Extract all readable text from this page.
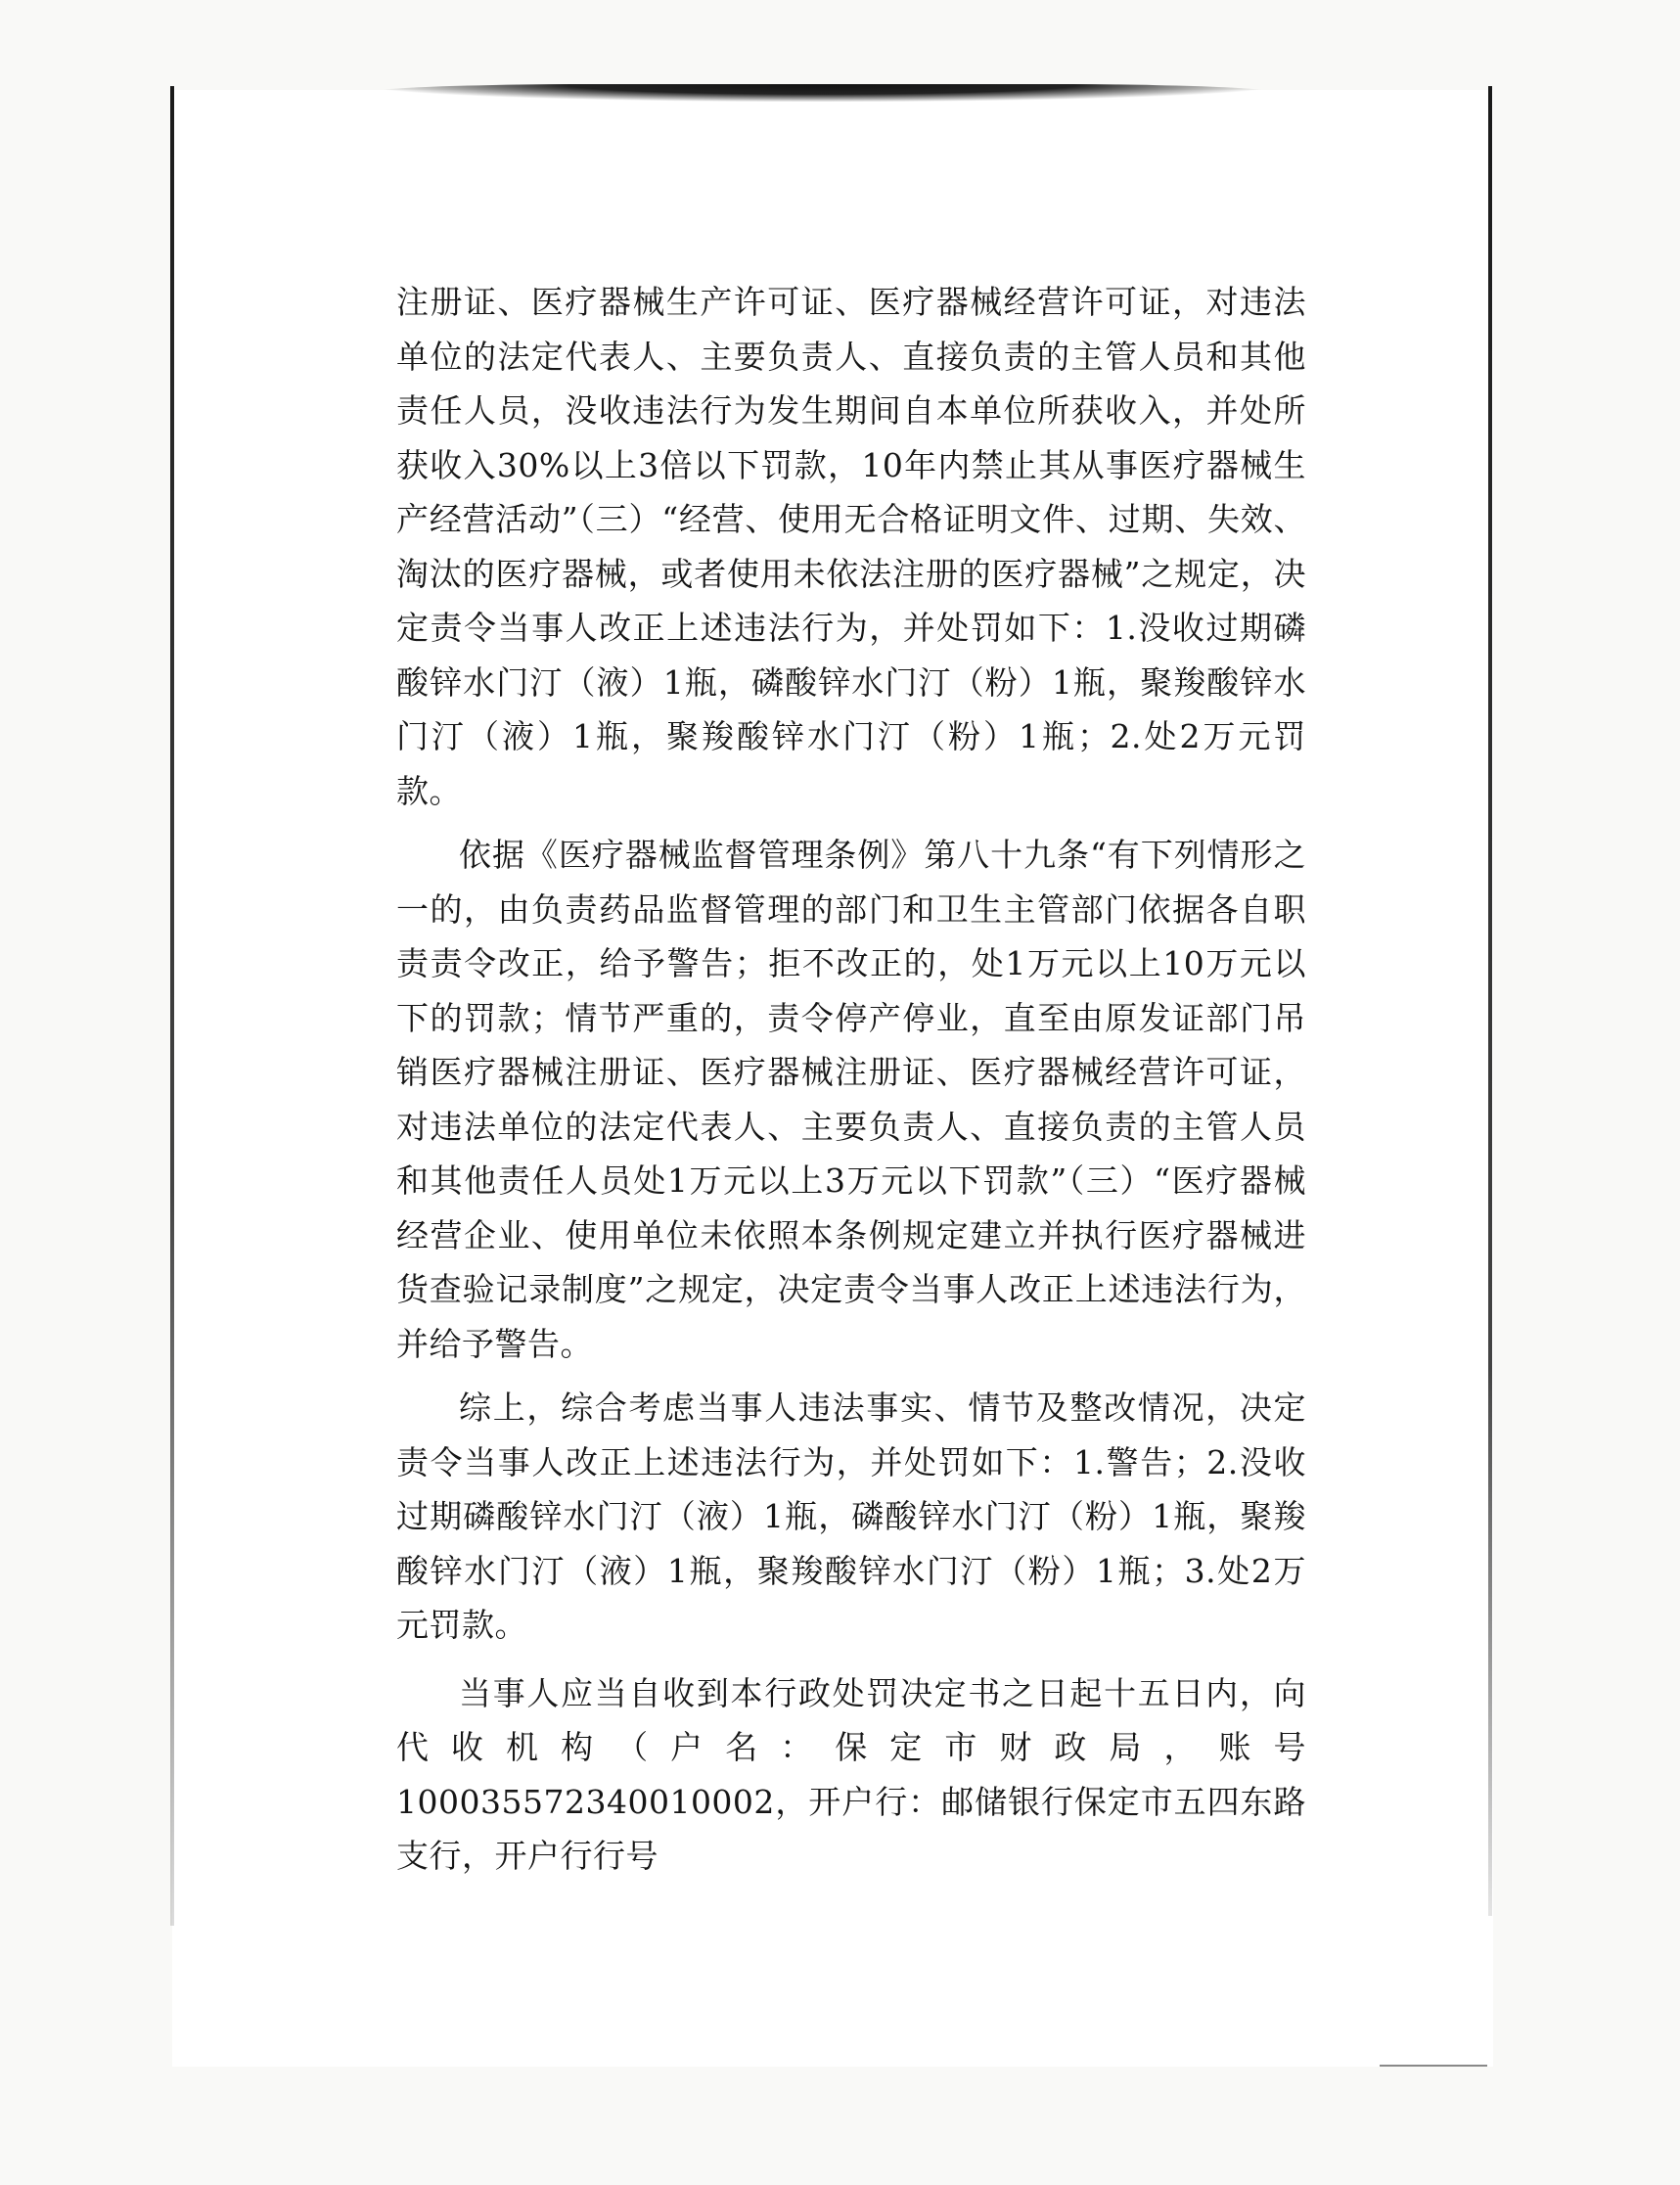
注册证、医疗器械生产许可证、医疗器械经营许可证，对违法单位的法定代表人、主要负责人、直接负责的主管人员和其他责任人员，没收违法行为发生期间自本单位所获收入，并处所获收入30%以上3倍以下罚款，10年内禁止其从事医疗器械生产经营活动”（三）“经营、使用无合格证明文件、过期、失效、淘汰的医疗器械，或者使用未依法注册的医疗器械”之规定，决定责令当事人改正上述违法行为，并处罚如下：1.没收过期磷酸锌水门汀（液）1瓶，磷酸锌水门汀（粉）1瓶，聚羧酸锌水门汀（液）1瓶，聚羧酸锌水门汀（粉）1瓶；2.处2万元罚款。

依据《医疗器械监督管理条例》第八十九条“有下列情形之一的，由负责药品监督管理的部门和卫生主管部门依据各自职责责令改正，给予警告；拒不改正的，处1万元以上10万元以下的罚款；情节严重的，责令停产停业，直至由原发证部门吊销医疗器械注册证、医疗器械注册证、医疗器械经营许可证，对违法单位的法定代表人、主要负责人、直接负责的主管人员和其他责任人员处1万元以上3万元以下罚款”（三）“医疗器械经营企业、使用单位未依照本条例规定建立并执行医疗器械进货查验记录制度”之规定，决定责令当事人改正上述违法行为，并给予警告。

综上，综合考虑当事人违法事实、情节及整改情况，决定责令当事人改正上述违法行为，并处罚如下：1.警告；2.没收过期磷酸锌水门汀（液）1瓶，磷酸锌水门汀（粉）1瓶，聚羧酸锌水门汀（液）1瓶，聚羧酸锌水门汀（粉）1瓶；3.处2万元罚款。

当事人应当自收到本行政处罚决定书之日起十五日内，向代收机构（户名：保定市财政局，账号100035572340010002，开户行：邮储银行保定市五四东路支行，开户行行号
